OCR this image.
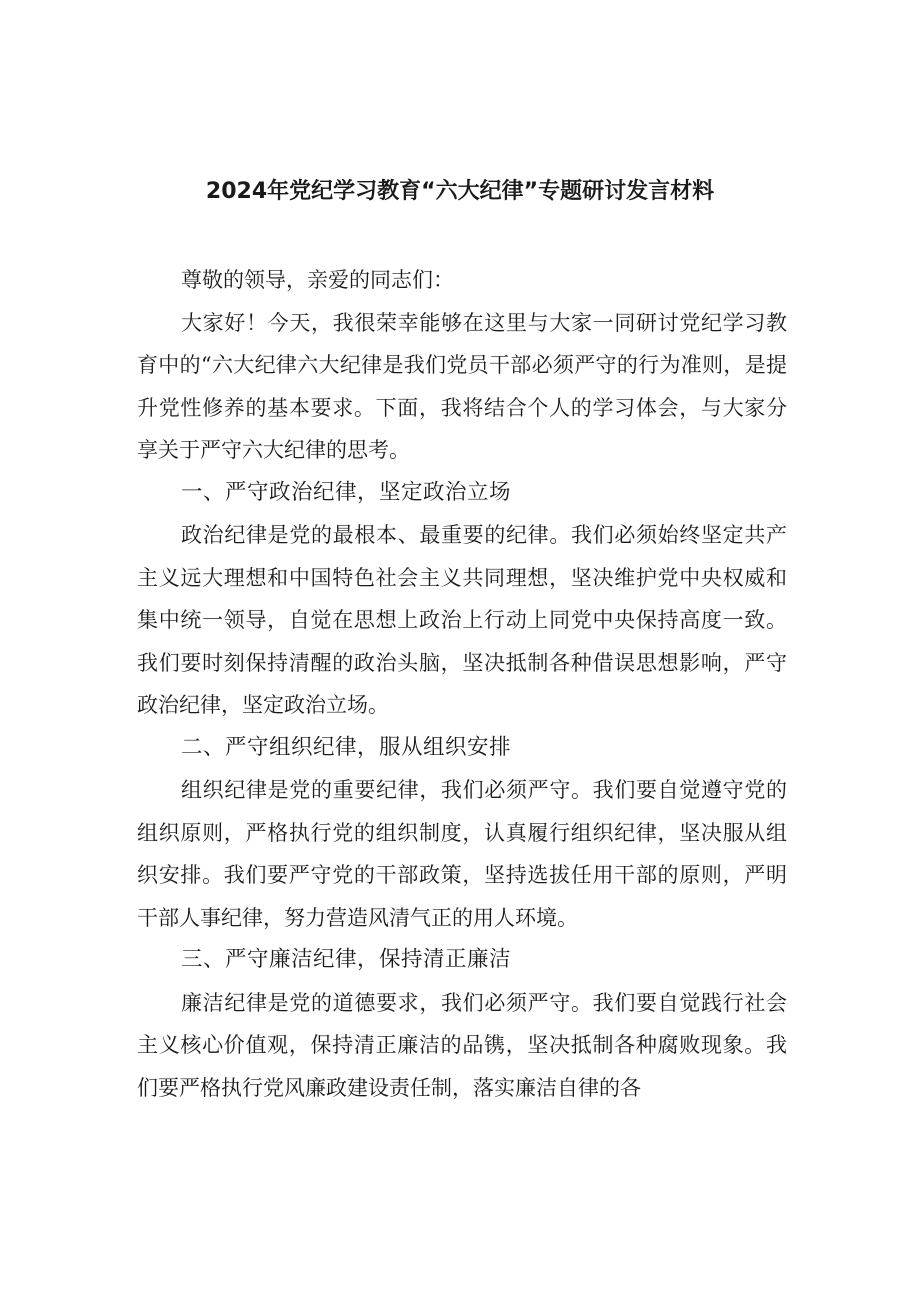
2024年党纪学习教育“六大纪律”专题研讨发言材料

尊敬的领导，亲爱的同志们：

大家好！今天，我很荣幸能够在这里与大家一同研讨党纪学习教育中的“六大纪律六大纪律是我们党员干部必须严守的行为准则，是提升党性修养的基本要求。下面，我将结合个人的学习体会，与大家分享关于严守六大纪律的思考。

一、严守政治纪律，坚定政治立场

政治纪律是党的最根本、最重要的纪律。我们必须始终坚定共产主义远大理想和中国特色社会主义共同理想，坚决维护党中央权威和集中统一领导，自觉在思想上政治上行动上同党中央保持高度一致。我们要时刻保持清醒的政治头脑，坚决抵制各种借误思想影响，严守政治纪律，坚定政治立场。

二、严守组织纪律，服从组织安排

组织纪律是党的重要纪律，我们必须严守。我们要自觉遵守党的组织原则，严格执行党的组织制度，认真履行组织纪律，坚决服从组织安排。我们要严守党的干部政策，坚持选拔任用干部的原则，严明干部人事纪律，努力营造风清气正的用人环境。

三、严守廉洁纪律，保持清正廉洁

廉洁纪律是党的道德要求，我们必须严守。我们要自觉践行社会主义核心价值观，保持清正廉洁的品镌，坚决抵制各种腐败现象。我们要严格执行党风廉政建设责任制，落实廉洁自律的各
